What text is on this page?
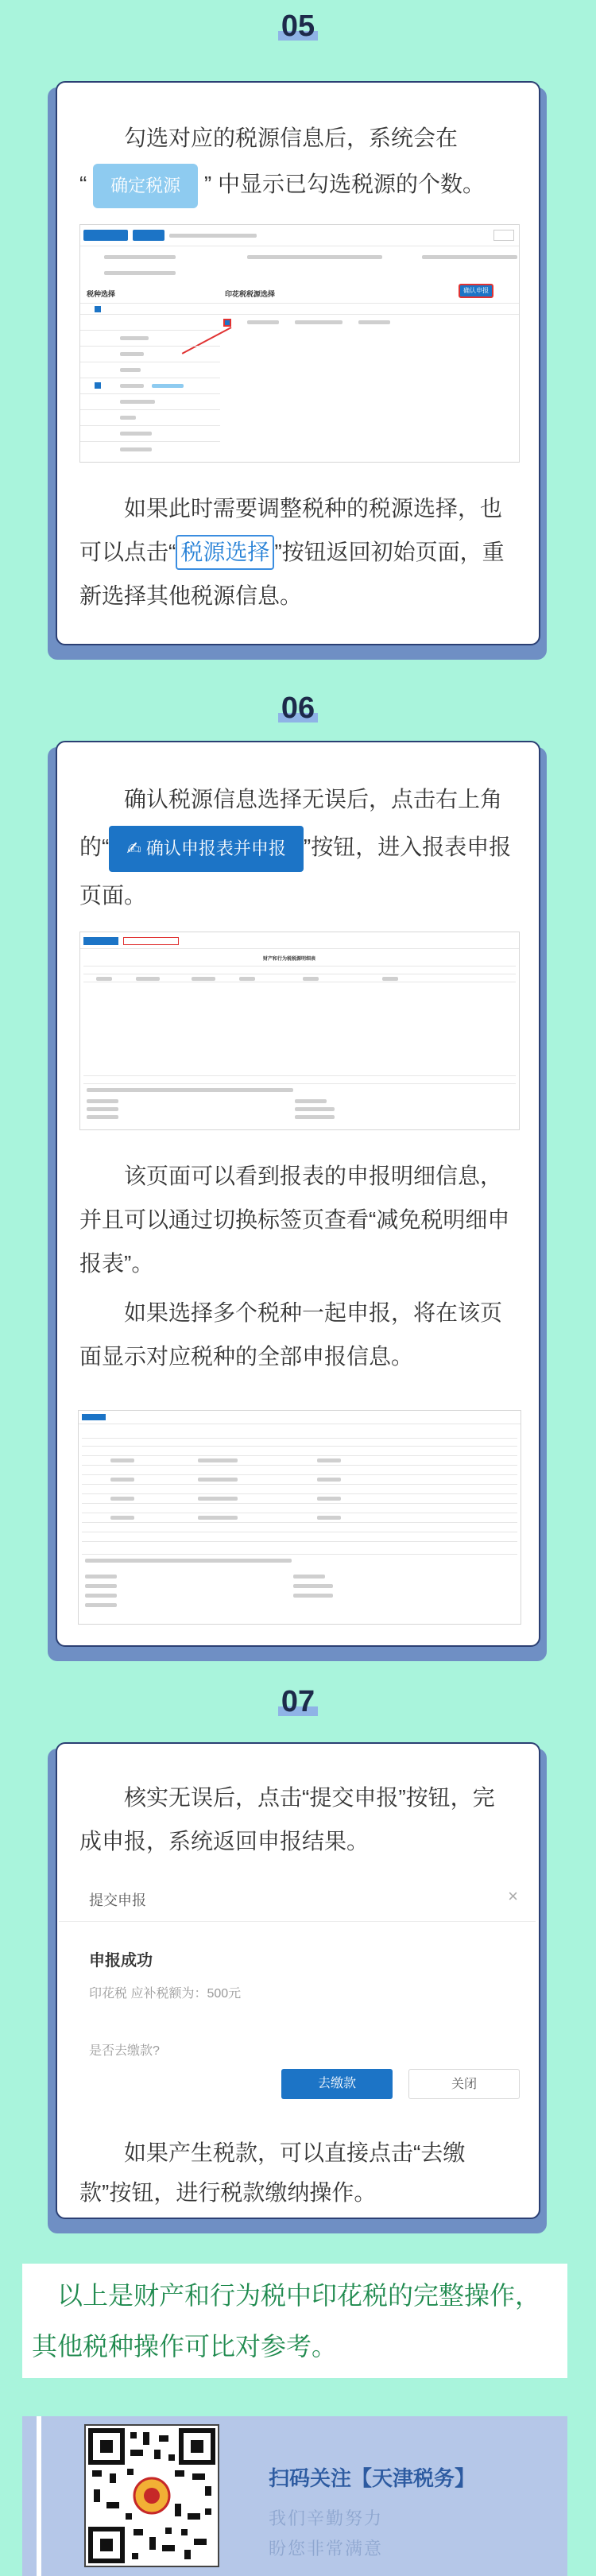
05

勾选对应的税源信息后，系统会在

“ 确定税源 ” 中显示已勾选税源的个数。

税种选择	印花税税源选择	确认申报

如果此时需要调整税种的税源选择，也可以点击“ 税源选择 ”按钮返回初始页面，重新选择其他税源信息。

06

确认税源信息选择无误后，点击右上角的“ ✍ 确认申报表并申报 ”按钮，进入报表申报页面。

财产和行为税税源明细表

该页面可以看到报表的申报明细信息，并且可以通过切换标签页查看“减免税明细申报表”。

如果选择多个税种一起申报，将在该页面显示对应税种的全部申报信息。

07

核实无误后，点击“提交申报”按钮，完成申报，系统返回申报结果。

如果产生税款，可以直接点击“去缴款”按钮，进行税款缴纳操作。

提交申报	×
申报成功
印花税 应补税额为：500元
是否去缴款?
去缴款	关闭

以上是财产和行为税中印花税的完整操作，其他税种操作可比对参考。

扫码关注【天津税务】
我们辛勤努力
盼您非常满意
